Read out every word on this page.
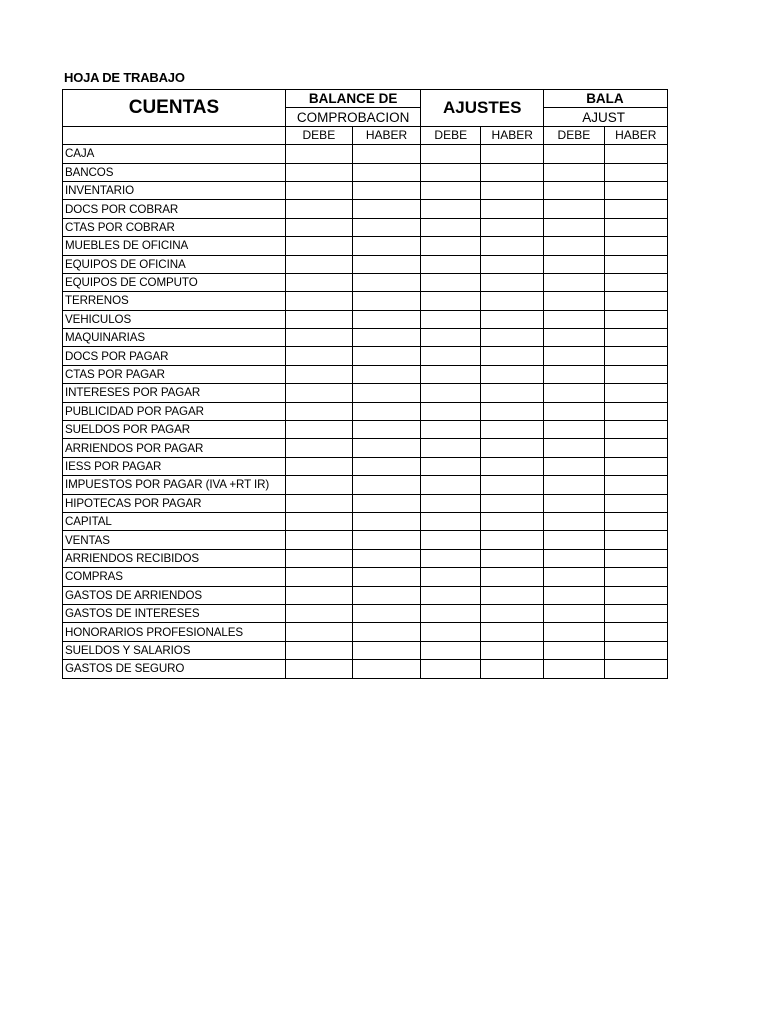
HOJA DE TRABAJO
CUENTAS	BALANCE DE		AJUSTES		BALA	
	COMPROBACION				AJUST	
	DEBE	HABER	DEBE	HABER	DEBE	HABER
CAJA						
BANCOS						
INVENTARIO						
DOCS POR COBRAR						
CTAS POR COBRAR						
MUEBLES DE OFICINA						
EQUIPOS DE OFICINA						
EQUIPOS DE COMPUTO						
TERRENOS						
VEHICULOS						
MAQUINARIAS						
DOCS POR PAGAR						
CTAS POR PAGAR						
INTERESES POR PAGAR						
PUBLICIDAD POR PAGAR						
SUELDOS POR PAGAR						
ARRIENDOS POR PAGAR						
IESS POR PAGAR						
IMPUESTOS POR PAGAR (IVA +RT IR)						
HIPOTECAS POR PAGAR						
CAPITAL						
VENTAS						
ARRIENDOS RECIBIDOS						
COMPRAS						
GASTOS DE ARRIENDOS						
GASTOS DE INTERESES						
HONORARIOS PROFESIONALES						
SUELDOS Y SALARIOS						
GASTOS DE SEGURO						
